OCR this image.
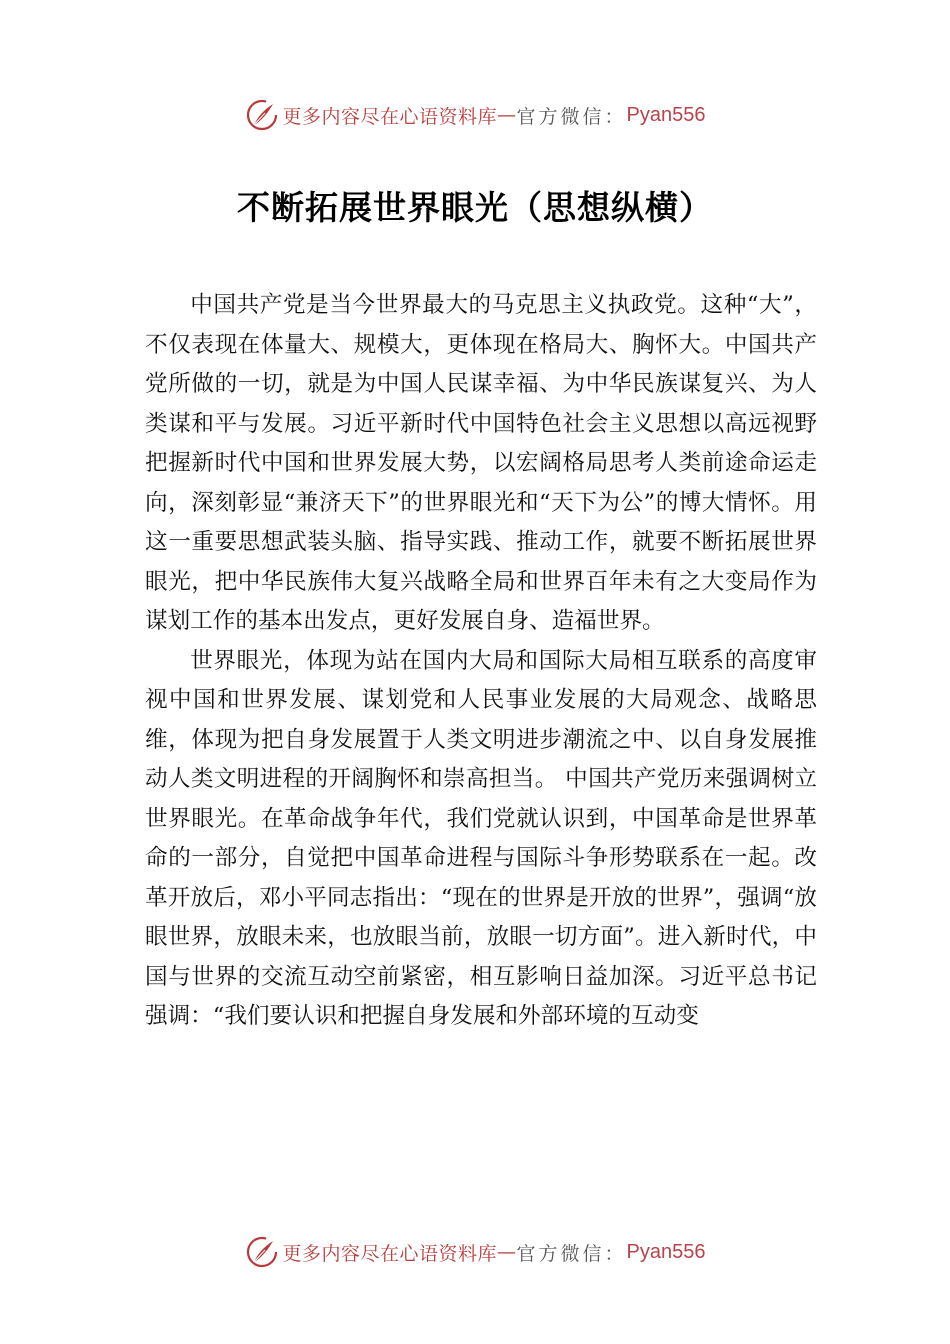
更多内容尽在心语资料库 — 官方微信： Pyan556
不断拓展世界眼光（思想纵横）

中国共产党是当今世界最大的马克思主义执政党。这种“大”，不仅表现在体量大、规模大，更体现在格局大、胸怀大。中国共产党所做的一切，就是为中国人民谋幸福、为中华民族谋复兴、为人类谋和平与发展。习近平新时代中国特色社会主义思想以高远视野把握新时代中国和世界发展大势，以宏阔格局思考人类前途命运走向，深刻彰显“兼济天下”的世界眼光和“天下为公”的博大情怀。用这一重要思想武装头脑、指导实践、推动工作，就要不断拓展世界眼光，把中华民族伟大复兴战略全局和世界百年未有之大变局作为谋划工作的基本出发点，更好发展自身、造福世界。

世界眼光，体现为站在国内大局和国际大局相互联系的高度审视中国和世界发展、谋划党和人民事业发展的大局观念、战略思维，体现为把自身发展置于人类文明进步潮流之中、以自身发展推动人类文明进程的开阔胸怀和崇高担当。 中国共产党历来强调树立世界眼光。在革命战争年代，我们党就认识到，中国革命是世界革命的一部分，自觉把中国革命进程与国际斗争形势联系在一起。改革开放后，邓小平同志指出：“现在的世界是开放的世界”，强调“放眼世界，放眼未来，也放眼当前，放眼一切方面”。进入新时代，中国与世界的交流互动空前紧密，相互影响日益加深。习近平总书记强调：“我们要认识和把握自身发展和外部环境的互动变

更多内容尽在心语资料库 — 官方微信： Pyan556
